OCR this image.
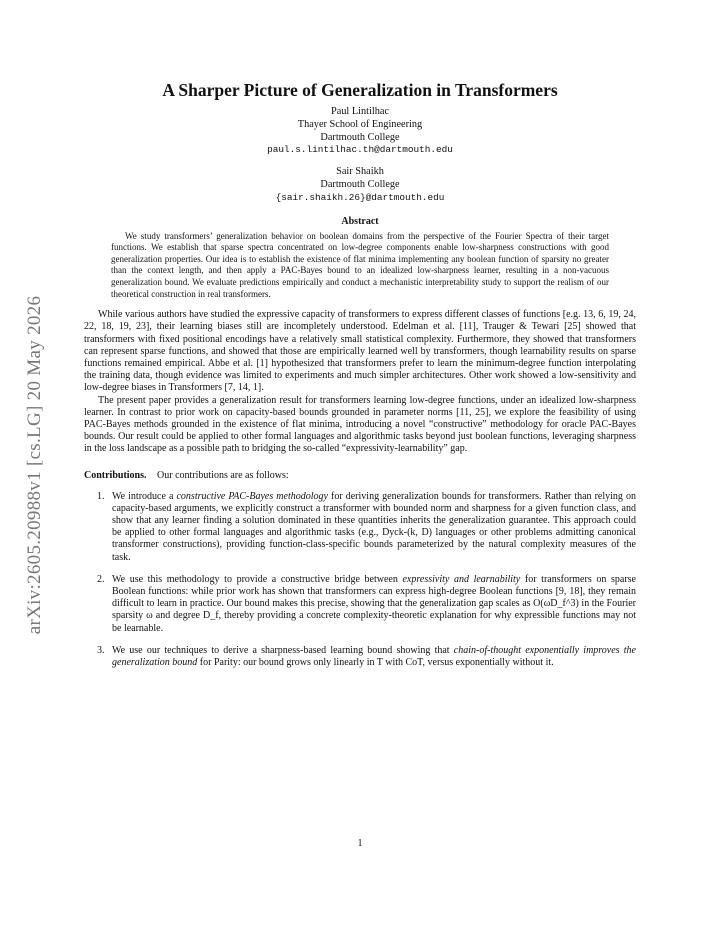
arXiv:2605.20988v1 [cs.LG] 20 May 2026
A Sharper Picture of Generalization in Transformers
Paul Lintilhac
Thayer School of Engineering
Dartmouth College
paul.s.lintilhac.th@dartmouth.edu
Sair Shaikh
Dartmouth College
{sair.shaikh.26}@dartmouth.edu
Abstract

We study transformers’ generalization behavior on boolean domains from the perspective of the Fourier Spectra of their target functions. We establish that sparse spectra concentrated on low-degree components enable low-sharpness constructions with good generalization properties. Our idea is to establish the existence of flat minima implementing any boolean function of sparsity no greater than the context length, and then apply a PAC-Bayes bound to an idealized low-sharpness learner, resulting in a non-vacuous generalization bound. We evaluate predictions empirically and conduct a mechanistic interpretability study to support the realism of our theoretical construction in real transformers.

While various authors have studied the expressive capacity of transformers to express different classes of functions [e.g. 13, 6, 19, 24, 22, 18, 19, 23], their learning biases still are incompletely understood. Edelman et al. [11], Trauger & Tewari [25] showed that transformers with fixed positional encodings have a relatively small statistical complexity. Furthermore, they showed that transformers can represent sparse functions, and showed that those are empirically learned well by transformers, though learnability results on sparse functions remained empirical. Abbe et al. [1] hypothesized that transformers prefer to learn the minimum-degree function interpolating the training data, though evidence was limited to experiments and much simpler architectures. Other work showed a low-sensitivity and low-degree biases in Transformers [7, 14, 1].

The present paper provides a generalization result for transformers learning low-degree functions, under an idealized low-sharpness learner. In contrast to prior work on capacity-based bounds grounded in parameter norms [11, 25], we explore the feasibility of using PAC-Bayes methods grounded in the existence of flat minima, introducing a novel “constructive” methodology for oracle PAC-Bayes bounds. Our result could be applied to other formal languages and algorithmic tasks beyond just boolean functions, leveraging sharpness in the loss landscape as a possible path to bridging the so-called “expressivity-learnability” gap.

Contributions. Our contributions are as follows:
1. We introduce a constructive PAC-Bayes methodology for deriving generalization bounds for transformers. Rather than relying on capacity-based arguments, we explicitly construct a transformer with bounded norm and sharpness for a given function class, and show that any learner finding a solution dominated in these quantities inherits the generalization guarantee. This approach could be applied to other formal languages and algorithmic tasks (e.g., Dyck-(k, D) languages or other problems admitting canonical transformer constructions), providing function-class-specific bounds parameterized by the natural complexity measures of the task.
2. We use this methodology to provide a constructive bridge between expressivity and learnability for transformers on sparse Boolean functions: while prior work has shown that transformers can express high-degree Boolean functions [9, 18], they remain difficult to learn in practice. Our bound makes this precise, showing that the generalization gap scales as O(ωD_f^3) in the Fourier sparsity ω and degree D_f, thereby providing a concrete complexity-theoretic explanation for why expressible functions may not be learnable.
3. We use our techniques to derive a sharpness-based learning bound showing that chain-of-thought exponentially improves the generalization bound for Parity: our bound grows only linearly in T with CoT, versus exponentially without it.
1
